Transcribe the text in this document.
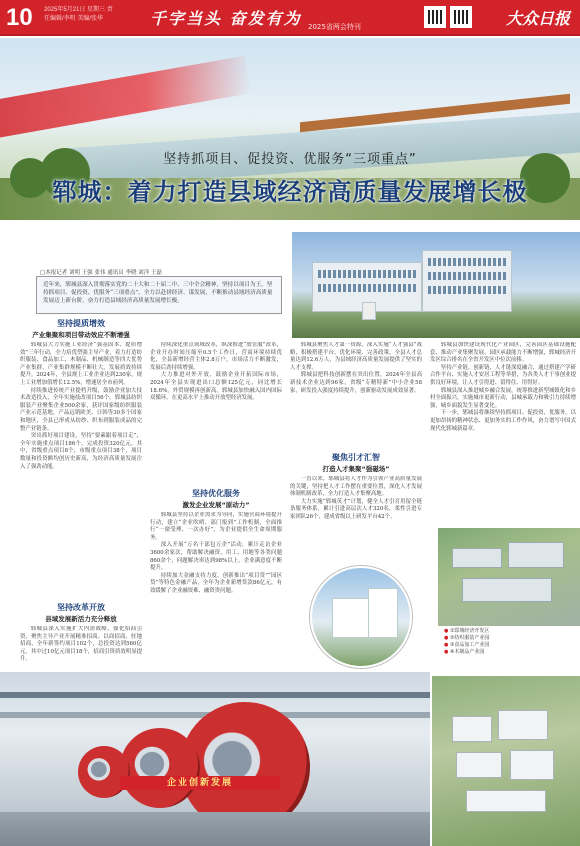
10	2025年5月21日 星期三 责任编辑/李明 美编/张华	千字当头 奋发有为 2025省两会特刊	大众日报
坚持抓项目、促投资、优服务“三项重点”
郓城：着力打造县域经济高质量发展增长极
□本报记者 刘明 王强 张伟 通讯员 李晓 刘洋 王磊
近年来，郓城县深入贯彻落实党的二十大和二十届二中、三中全会精神，坚持以项目为王，坚持抓项目、促投资、优服务“三项重点”，全力以赴拼经济、谋发展，不断推动县域经济高质量发展迈上新台阶，奋力打造县域经济高质量发展增长极。
坚持提质增效
产业集聚和项目带动效应不断增强

郓城县大力实施工业经济“强基固本、提质增效”三年行动，全力培优塑强主导产业，着力打造纺织服装、食品加工、木制品、机械制造等四大优势产业集群，产业集群规模不断壮大，发展质效持续提升。2024年，全县规上工业企业达到230家，规上工业增加值增长12.5%，增速居全市前列。

持续推进传统产业提档升级，鼓励企业加大技术改造投入，全年实施技改项目56个。郓城县纺织服装产业聚集企业500余家，获评国家级纺织服装产业示范基地，产品远销欧美、日韩等30多个国家和地区，全县已形成从纺纱、织布到服装成品的完整产业链条。

突出抓好项目建设，坚持“要素跟着项目走”，全年实施重点项目186个，完成投资320亿元。其中，省级重点项目8个，市级重点项目38个，项目数量和投资额均创历史新高，为经济高质量发展注入了强劲动能。

坚持改革开放
县域发展新活力充分释放

郓城县深入实施扩大内需战略，强化招商引资，聚焦主导产业开展精准招商、以商招商、驻地招商，全年新签约项目102个，总投资达到560亿元，其中过10亿元项目18个，招商引资质效明显提升。

持续深化重点领域改革，纵深推进“放管服”改革，企业开办时间压缩至0.5个工作日，营商环境持续优化，全县新增经营主体2.8万户，市场活力不断激发，发展后劲持续增强。

大力推进对外开放，鼓励企业开拓国际市场，2024年全县实现进出口总额125亿元，同比增长18.6%，外贸规模再创新高。郓城县加快融入国内国际双循环，在更高水平上推动开放型经济发展。

坚持优化服务
激发企业发展“原动力”

郓城县坚持以企业需求为导向，实施营商环境提升行动，建立“企业吹哨、部门报到”工作机制，全面推行“一窗受理、一次办好”，为企业提供全生命周期服务。

深入开展“万名干部包万企”活动，累计走访企业3600余家次，帮助解决融资、用工、用地等各类问题860余个，问题解决率达到98%以上，企业满意度不断提升。

持续加大金融支持力度，创新推出“项目贷”“园区贷”等特色金融产品，全年为企业新增贷款86亿元，有效缓解了企业融资难、融资贵问题。

郓城县聚焦人才第一资源，深入实施“人才强县”战略，积极搭建平台、优化环境、完善政策，全县人才总量达到12.6万人，为县域经济高质量发展提供了坚实的人才支撑。

郓城县把科技创新摆在突出位置，2024年全县高新技术企业达到96家，省级“专精特新”中小企业58家，研发投入强度持续提升，创新驱动发展成效显著。

聚焦引才汇智
打造人才集聚“强磁场”

一直以来，郓城县将人才作为引领产业高质量发展的关键，坚持把人才工作摆在重要位置，深化人才发展体制机制改革，全力打造人才集聚高地。

大力实施“郓城英才”计划，健全人才引育用留全链条服务体系，累计引进高层次人才320名，柔性引进专家团队26个，建成省级以上研发平台42个。

郓城县加快建设现代化产业园区，完善园区基础设施配套，推动产业集聚发展，园区承载能力不断增强，郓城经济开发区综合排名在全省开发区中位次前移。

坚持产业链、创新链、人才链深度融合，通过搭建产学研合作平台、实施人才安居工程等举措，为各类人才干事创业提供良好环境，让人才引得进、留得住、用得好。

郓城县深入推进城乡融合发展，统筹推进新型城镇化和乡村全面振兴，实施城市更新行动，县城承载力和吸引力持续增强，城乡面貌发生显著变化。

下一步，郓城县将继续坚持抓项目、促投资、优服务，以更加昂扬的精神状态、更加务实的工作作风，奋力谱写中国式现代化郓城新篇章。

● ①郓城经济开发区
● ②纺织服装产业园
● ③食品加工产业园
● ④木制品产业园
企业创新发展
